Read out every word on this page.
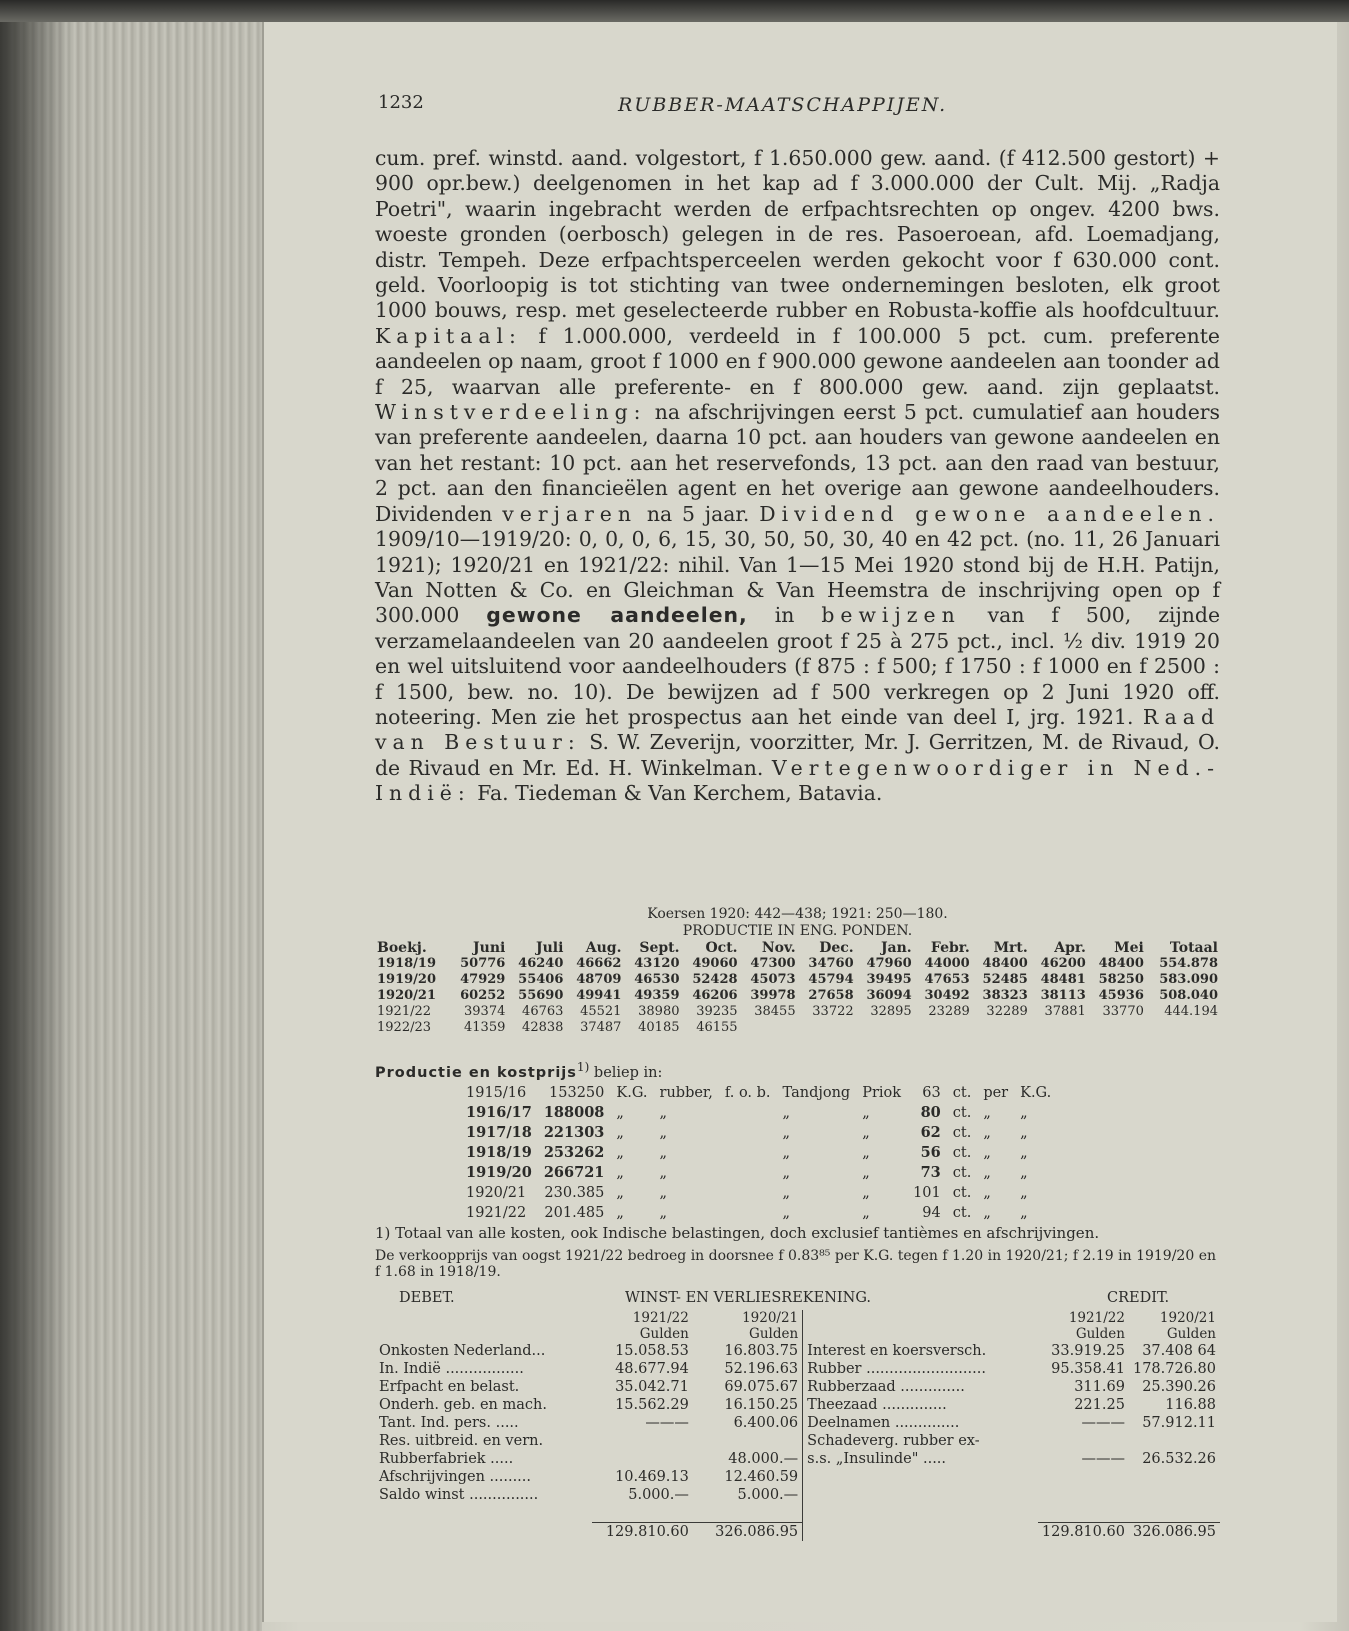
1232	RUBBER-MAATSCHAPPIJEN.

cum. pref. winstd. aand. volgestort, f 1.650.000 gew. aand. (f 412.500 gestort) + 900 opr.bew.) deelgenomen in het kap ad f 3.000.000 der Cult. Mij. „Radja Poetri", waarin ingebracht werden de erfpachtsrechten op ongev. 4200 bws. woeste gronden (oerbosch) gelegen in de res. Pasoeroean, afd. Loemadjang, distr. Tempeh. Deze erfpachtsperceelen werden gekocht voor f 630.000 cont. geld. Voorloopig is tot stichting van twee ondernemingen besloten, elk groot 1000 bouws, resp. met geselecteerde rubber en Robusta-koffie als hoofdcultuur. Kapitaal: f 1.000.000, verdeeld in f 100.000 5 pct. cum. preferente aandeelen op naam, groot f 1000 en f 900.000 gewone aandeelen aan toonder ad f 25, waarvan alle preferente- en f 800.000 gew. aand. zijn geplaatst. Winstverdeeling: na afschrijvingen eerst 5 pct. cumulatief aan houders van preferente aandeelen, daarna 10 pct. aan houders van gewone aandeelen en van het restant: 10 pct. aan het reservefonds, 13 pct. aan den raad van bestuur, 2 pct. aan den financieëlen agent en het overige aan gewone aandeelhouders. Dividenden verjaren na 5 jaar. Dividend gewone aandeelen. 1909/10—1919/20: 0, 0, 0, 6, 15, 30, 50, 50, 30, 40 en 42 pct. (no. 11, 26 Januari 1921); 1920/21 en 1921/22: nihil. Van 1—15 Mei 1920 stond bij de H.H. Patijn, Van Notten & Co. en Gleichman & Van Heemstra de inschrijving open op f 300.000 gewone aandeelen, in bewijzen van f 500, zijnde verzamelaandeelen van 20 aandeelen groot f 25 à 275 pct., incl. ½ div. 1919 20 en wel uitsluitend voor aandeelhouders (f 875 : f 500; f 1750 : f 1000 en f 2500 : f 1500, bew. no. 10). De bewijzen ad f 500 verkregen op 2 Juni 1920 off. noteering. Men zie het prospectus aan het einde van deel I, jrg. 1921. Raad van Bestuur: S. W. Zeverijn, voorzitter, Mr. J. Gerritzen, M. de Rivaud, O. de Rivaud en Mr. Ed. H. Winkelman. Vertegenwoordiger in Ned.-Indië: Fa. Tiedeman & Van Kerchem, Batavia.

Koersen 1920: 442—438; 1921: 250—180.
PRODUCTIE IN ENG. PONDEN.
Boekj.	Juni	Juli	Aug.	Sept.	Oct.	Nov.	Dec.	Jan.	Febr.	Mrt.	Apr.	Mei	Totaal
1918/19	50776	46240	46662	43120	49060	47300	34760	47960	44000	48400	46200	48400	554.878
1919/20	47929	55406	48709	46530	52428	45073	45794	39495	47653	52485	48481	58250	583.090
1920/21	60252	55690	49941	49359	46206	39978	27658	36094	30492	38323	38113	45936	508.040
1921/22	39374	46763	45521	38980	39235	38455	33722	32895	23289	32289	37881	33770	444.194
1922/23	41359	42838	37487	40185	46155								
Productie en kostprijs$^{1)}$ beliep in:
1915/16	153250	K.G.	rubber,	f. o. b.	Tandjong	Priok	63	ct.	per	K.G.
1916/17	188008	„	„		„	„	80	ct.	„	„
1917/18	221303	„	„		„	„	62	ct.	„	„
1918/19	253262	„	„		„	„	56	ct.	„	„
1919/20	266721	„	„		„	„	73	ct.	„	„
1920/21	230.385	„	„		„	„	101	ct.	„	„
1921/22	201.485	„	„		„	„	94	ct.	„	„
1) Totaal van alle kosten, ook Indische belastingen, doch exclusief tantièmes en afschrijvingen.
De verkoopprijs van oogst 1921/22 bedroeg in doorsnee f 0.83⁸⁵ per K.G. tegen f 1.20 in 1920/21; f 2.19 in 1919/20 en f 1.68 in 1918/19.
DEBET.	WINST- EN VERLIESREKENING.	CREDIT.
	1921/22	1920/21		1921/22	1920/21
	Gulden	Gulden		Gulden	Gulden
Onkosten Nederland...	15.058.53	16.803.75	Interest en koersversch.	33.919.25	37.408 64
In. Indië .................	48.677.94	52.196.63	Rubber ..........................	95.358.41	178.726.80
Erfpacht en belast.	35.042.71	69.075.67	Rubberzaad ..............	311.69	25.390.26
Onderh. geb. en mach.	15.562.29	16.150.25	Theezaad ..............	221.25	116.88
Tant. Ind. pers. .....	———	6.400.06	Deelnamen ..............	———	57.912.11
Res. uitbreid. en vern.			Schadeverg. rubber ex-		
Rubberfabriek .....		48.000.—	s.s. „Insulinde" .....	———	26.532.26
Afschrijvingen .........	10.469.13	12.460.59			
Saldo winst ...............	5.000.—	5.000.—			

	129.810.60	326.086.95		129.810.60	326.086.95
